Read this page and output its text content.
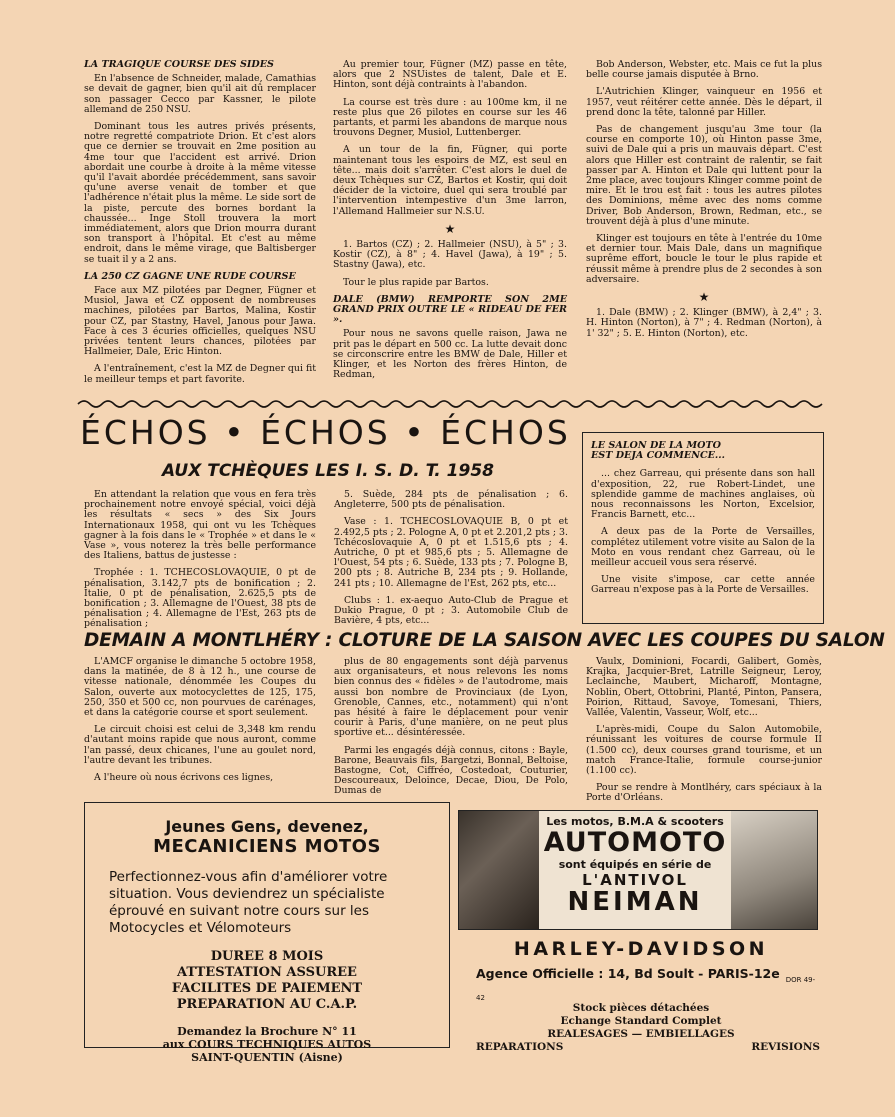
LA TRAGIQUE COURSE DES SIDES

En l'absence de Schneider, malade, Camathias se devait de gagner, bien qu'il ait dû remplacer son passager Cecco par Kassner, le pilote allemand de 250 NSU.

Dominant tous les autres privés présents, notre regretté compatriote Drion. Et c'est alors que ce dernier se trouvait en 2me position au 4me tour que l'accident est arrivé. Drion abordait une courbe à droite à la même vitesse qu'il l'avait abordée précédemment, sans savoir qu'une averse venait de tomber et que l'adhérence n'était plus la même. Le side sort de la piste, percute des bornes bordant la chaussée... Inge Stoll trouvera la mort immédiatement, alors que Drion mourra durant son transport à l'hôpital. Et c'est au même endroit, dans le même virage, que Baltisberger se tuait il y a 2 ans.

LA 250 CZ GAGNE UNE RUDE COURSE

Face aux MZ pilotées par Degner, Fügner et Musiol, Jawa et CZ opposent de nombreuses machines, pilotées par Bartos, Malina, Kostir pour CZ, par Stastny, Havel, Janous pour Jawa. Face à ces 3 écuries officielles, quelques NSU privées tentent leurs chances, pilotées par Hallmeier, Dale, Eric Hinton.

A l'entraînement, c'est la MZ de Degner qui fit le meilleur temps et part favorite.

Au premier tour, Fügner (MZ) passe en tête, alors que 2 NSUistes de talent, Dale et E. Hinton, sont déjà contraints à l'abandon.

La course est très dure : au 100me km, il ne reste plus que 26 pilotes en course sur les 46 partants, et parmi les abandons de marque nous trouvons Degner, Musiol, Luttenberger.

A un tour de la fin, Fügner, qui porte maintenant tous les espoirs de MZ, est seul en tête... mais doit s'arrêter. C'est alors le duel de deux Tchèques sur CZ, Bartos et Kostir, qui doit décider de la victoire, duel qui sera troublé par l'intervention intempestive d'un 3me larron, l'Allemand Hallmeier sur N.S.U.

★

1. Bartos (CZ) ; 2. Hallmeier (NSU), à 5" ; 3. Kostir (CZ), à 8" ; 4. Havel (Jawa), à 19" ; 5. Stastny (Jawa), etc.

Tour le plus rapide par Bartos.

DALE (BMW) REMPORTE SON 2ME GRAND PRIX OUTRE LE « RIDEAU DE FER ».

Pour nous ne savons quelle raison, Jawa ne prit pas le départ en 500 cc. La lutte devait donc se circonscrire entre les BMW de Dale, Hiller et Klinger, et les Norton des frères Hinton, de Redman,

Bob Anderson, Webster, etc. Mais ce fut la plus belle course jamais disputée à Brno.

L'Autrichien Klinger, vainqueur en 1956 et 1957, veut réitérer cette année. Dès le départ, il prend donc la tête, talonné par Hiller.

Pas de changement jusqu'au 3me tour (la course en comporte 10), où Hinton passe 3me, suivi de Dale qui a pris un mauvais départ. C'est alors que Hiller est contraint de ralentir, se fait passer par A. Hinton et Dale qui luttent pour la 2me place, avec toujours Klinger comme point de mire. Et le trou est fait : tous les autres pilotes des Dominions, même avec des noms comme Driver, Bob Anderson, Brown, Redman, etc., se trouvent déjà à plus d'une minute.

Klinger est toujours en tête à l'entrée du 10me et dernier tour. Mais Dale, dans un magnifique suprême effort, boucle le tour le plus rapide et réussit même à prendre plus de 2 secondes à son adversaire.

★

1. Dale (BMW) ; 2. Klinger (BMW), à 2,4" ; 3. H. Hinton (Norton), à 7" ; 4. Redman (Norton), à 1' 32" ; 5. E. Hinton (Norton), etc.

ÉCHOS • ÉCHOS • ÉCHOS
AUX TCHÈQUES LES I. S. D. T. 1958

En attendant la relation que vous en fera très prochainement notre envoyé spécial, voici déjà les résultats « secs » des Six Jours Internationaux 1958, qui ont vu les Tchèques gagner à la fois dans le « Trophée » et dans le « Vase », vous noterez la très belle performance des Italiens, battus de justesse :

Trophée : 1. TCHECOSLOVAQUIE, 0 pt de pénalisation, 3.142,7 pts de bonification ; 2. Italie, 0 pt de pénalisation, 2.625,5 pts de bonification ; 3. Allemagne de l'Ouest, 38 pts de pénalisation ; 4. Allemagne de l'Est, 263 pts de pénalisation ;

5. Suède, 284 pts de pénalisation ; 6. Angleterre, 500 pts de pénalisation.

Vase : 1. TCHECOSLOVAQUIE B, 0 pt et 2.492,5 pts ; 2. Pologne A, 0 pt et 2.201,2 pts ; 3. Tchécoslovaquie A, 0 pt et 1.515,6 pts ; 4. Autriche, 0 pt et 985,6 pts ; 5. Allemagne de l'Ouest, 54 pts ; 6. Suède, 133 pts ; 7. Pologne B, 200 pts ; 8. Autriche B, 234 pts ; 9. Hollande, 241 pts ; 10. Allemagne de l'Est, 262 pts, etc...

Clubs : 1. ex-aequo Auto-Club de Prague et Dukio Prague, 0 pt ; 3. Automobile Club de Bavière, 4 pts, etc...

LE SALON DE LA MOTO
EST DEJA COMMENCE...

... chez Garreau, qui présente dans son hall d'exposition, 22, rue Robert-Lindet, une splendide gamme de machines anglaises, où nous reconnaissons les Norton, Excelsior, Francis Barnett, etc...

A deux pas de la Porte de Versailles, complétez utilement votre visite au Salon de la Moto en vous rendant chez Garreau, où le meilleur accueil vous sera réservé.

Une visite s'impose, car cette année Garreau n'expose pas à la Porte de Versailles.

DEMAIN A MONTLHÉRY : CLOTURE DE LA SAISON AVEC LES COUPES DU SALON

L'AMCF organise le dimanche 5 octobre 1958, dans la matinée, de 8 à 12 h., une course de vitesse nationale, dénommée les Coupes du Salon, ouverte aux motocyclettes de 125, 175, 250, 350 et 500 cc, non pourvues de carénages, et dans la catégorie course et sport seulement.

Le circuit choisi est celui de 3,348 km rendu d'autant moins rapide que nous auront, comme l'an passé, deux chicanes, l'une au goulet nord, l'autre devant les tribunes.

A l'heure où nous écrivons ces lignes,

plus de 80 engagements sont déjà parvenus aux organisateurs, et nous relevons les noms bien connus des « fidèles » de l'autodrome, mais aussi bon nombre de Provinciaux (de Lyon, Grenoble, Cannes, etc., notamment) qui n'ont pas hésité à faire le déplacement pour venir courir à Paris, d'une manière, on ne peut plus sportive et... désintéressée.

Parmi les engagés déjà connus, citons : Bayle, Barone, Beauvais fils, Bargetzi, Bonnal, Beltoise, Bastogne, Cot, Ciffréo, Costedoat, Couturier, Descoureaux, Deloince, Decae, Diou, De Polo, Dumas de

Vaulx, Dominioni, Focardi, Galibert, Gomès, Krajka, Jacquier-Bret, Latrille Seigneur, Leroy, Leclainche, Maubert, Micharoff, Montagne, Noblin, Obert, Ottobrini, Planté, Pinton, Pansera, Poirion, Rittaud, Savoye, Tomesani, Thiers, Vallée, Valentin, Vasseur, Wolf, etc...

L'après-midi, Coupe du Salon Automobile, réunissant les voitures de course formule II (1.500 cc), deux courses grand tourisme, et un match France-Italie, formule course-junior (1.100 cc).

Pour se rendre à Montlhéry, cars spéciaux à la Porte d'Orléans.

Jeunes Gens, devenez,
MECANICIENS MOTOS
Perfectionnez-vous afin d'améliorer votre situation. Vous deviendrez un spécialiste éprouvé en suivant notre cours sur les Motocycles et Vélomoteurs
DUREE 8 MOIS
ATTESTATION ASSUREE
FACILITES DE PAIEMENT
PREPARATION AU C.A.P.
Demandez la Brochure N° 11
aux COURS TECHNIQUES AUTOS
SAINT-QUENTIN (Aisne)
Les motos, B.M.A & scooters
AUTOMOTO
sont équipés en série de
L'ANTIVOL
NEIMAN
HARLEY-DAVIDSON
Agence Officielle : 14, Bd Soult - PARIS-12e $_{DOR 49-42}$
Stock pièces détachées
Echange Standard Complet
REALESAGES — EMBIELLAGES
REPARATIONS	REVISIONS
